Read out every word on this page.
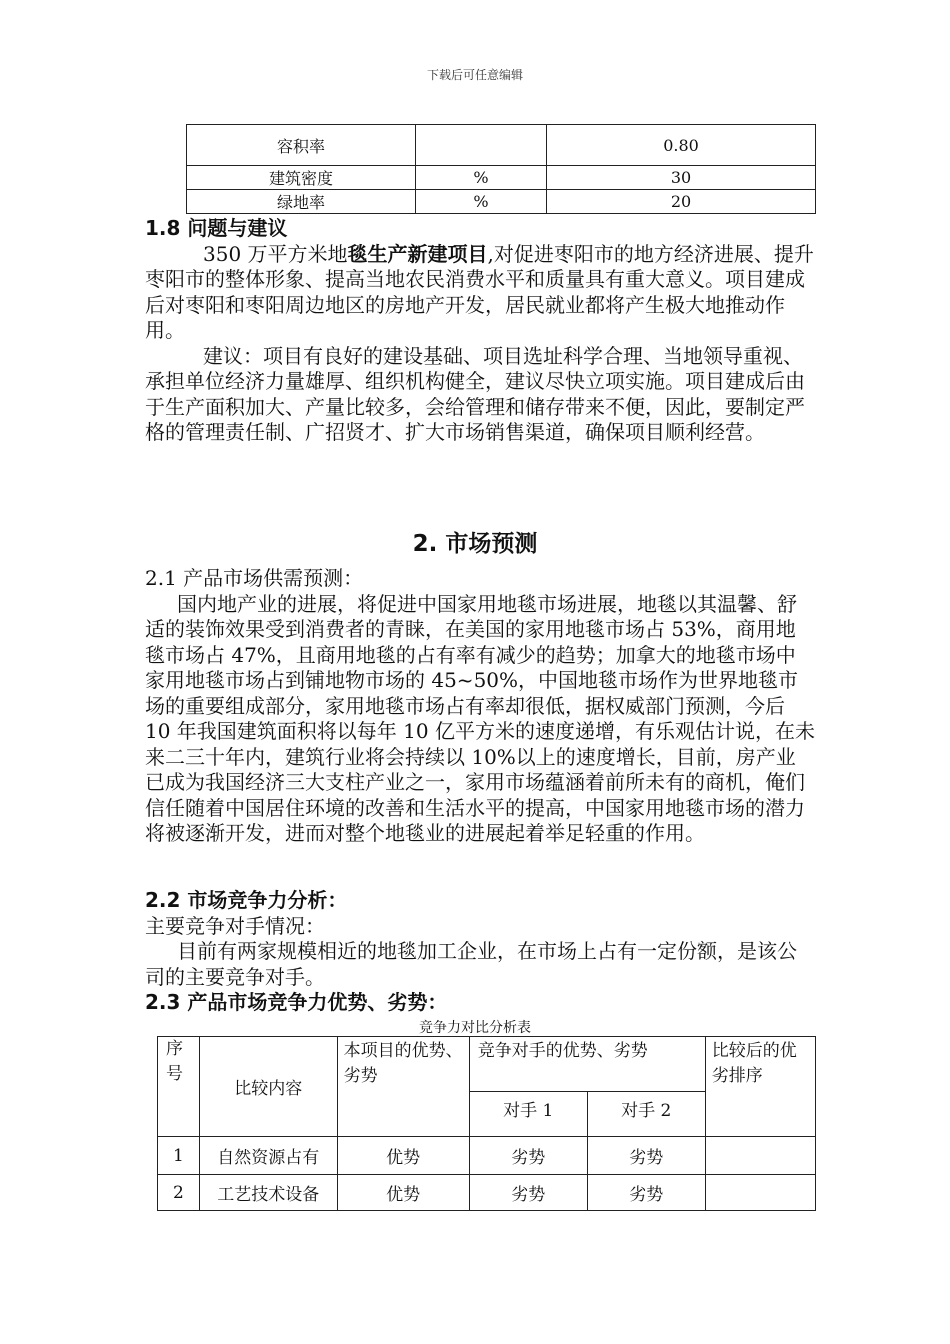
下载后可任意编辑
容积率		0.80
建筑密度	%	30
绿地率	%	20

1.8 问题与建议

350 万平方米地毯生产新建项目,对促进枣阳市的地方经济进展、提升枣阳市的整体形象、提高当地农民消费水平和质量具有重大意义。项目建成后对枣阳和枣阳周边地区的房地产开发，居民就业都将产生极大地推动作用。

建议：项目有良好的建设基础、项目选址科学合理、当地领导重视、承担单位经济力量雄厚、组织机构健全，建议尽快立项实施。项目建成后由于生产面积加大、产量比较多，会给管理和储存带来不便，因此，要制定严格的管理责任制、广招贤才、扩大市场销售渠道，确保项目顺利经营。

2. 市场预测

2.1 产品市场供需预测：

国内地产业的进展，将促进中国家用地毯市场进展，地毯以其温馨、舒适的装饰效果受到消费者的青睐，在美国的家用地毯市场占 53%，商用地毯市场占 47%，且商用地毯的占有率有减少的趋势；加拿大的地毯市场中家用地毯市场占到铺地物市场的 45~50%，中国地毯市场作为世界地毯市场的重要组成部分，家用地毯市场占有率却很低，据权威部门预测，今后 10 年我国建筑面积将以每年 10 亿平方米的速度递增，有乐观估计说，在未来二三十年内，建筑行业将会持续以 10%以上的速度增长，目前，房产业已成为我国经济三大支柱产业之一，家用市场蕴涵着前所未有的商机，俺们信任随着中国居住环境的改善和生活水平的提高，中国家用地毯市场的潜力将被逐渐开发，进而对整个地毯业的进展起着举足轻重的作用。

2.2 市场竞争力分析：

主要竞争对手情况：

目前有两家规模相近的地毯加工企业，在市场上占有一定份额，是该公司的主要竞争对手。

2.3 产品市场竞争力优势、劣势：

竞争力对比分析表
序号	比较内容	本项目的优势、劣势	竞争对手的优势、劣势		比较后的优劣排序
			对手 1	对手 2	
1	自然资源占有	优势	劣势	劣势	
2	工艺技术设备	优势	劣势	劣势	
